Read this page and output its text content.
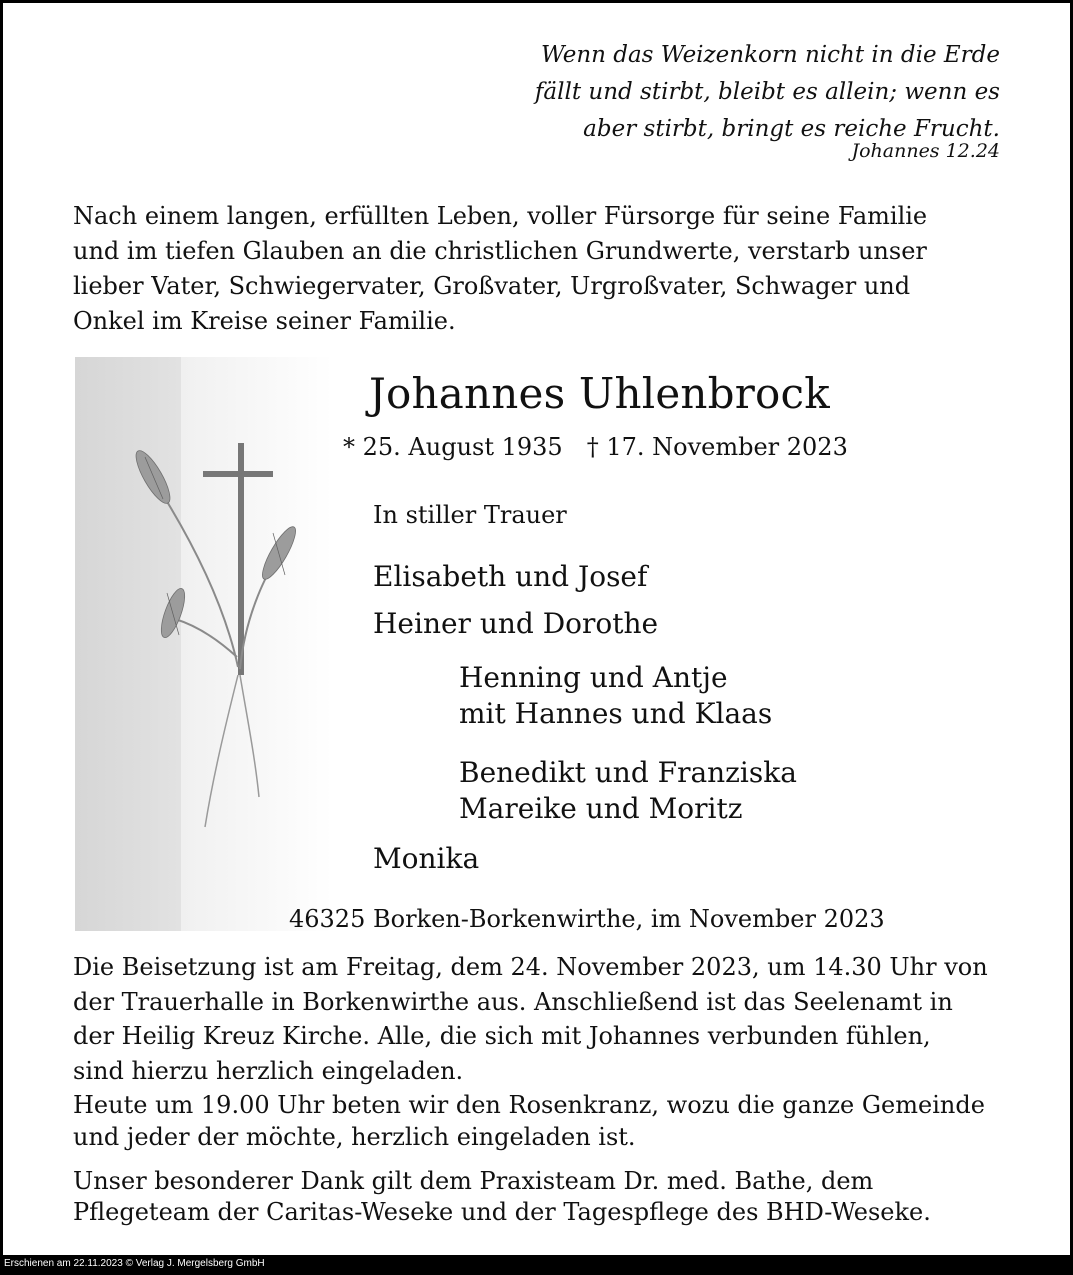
Wenn das Weizenkorn nicht in die Erde
fällt und stirbt, bleibt es allein; wenn es
aber stirbt, bringt es reiche Frucht.
Johannes 12.24
Nach einem langen, erfüllten Leben, voller Fürsorge für seine Familie
und im tiefen Glauben an die christlichen Grundwerte, verstarb unser
lieber Vater, Schwiegervater, Großvater, Urgroßvater, Schwager und
Onkel im Kreise seiner Familie.
Johannes Uhlenbrock
* 25. August 1935 † 17. November 2023
In stiller Trauer
Elisabeth und Josef
Heiner und Dorothe
Henning und Antje
mit Hannes und Klaas
Benedikt und Franziska
Mareike und Moritz
Monika
46325 Borken-Borkenwirthe, im November 2023
Die Beisetzung ist am Freitag, dem 24. November 2023, um 14.30 Uhr von
der Trauerhalle in Borkenwirthe aus. Anschließend ist das Seelenamt in
der Heilig Kreuz Kirche. Alle, die sich mit Johannes verbunden fühlen,
sind hierzu herzlich eingeladen.
Heute um 19.00 Uhr beten wir den Rosenkranz, wozu die ganze Gemeinde
und jeder der möchte, herzlich eingeladen ist.
Unser besonderer Dank gilt dem Praxisteam Dr. med. Bathe, dem
Pflegeteam der Caritas-Weseke und der Tagespflege des BHD-Weseke.
Erschienen am 22.11.2023 © Verlag J. Mergelsberg GmbH
